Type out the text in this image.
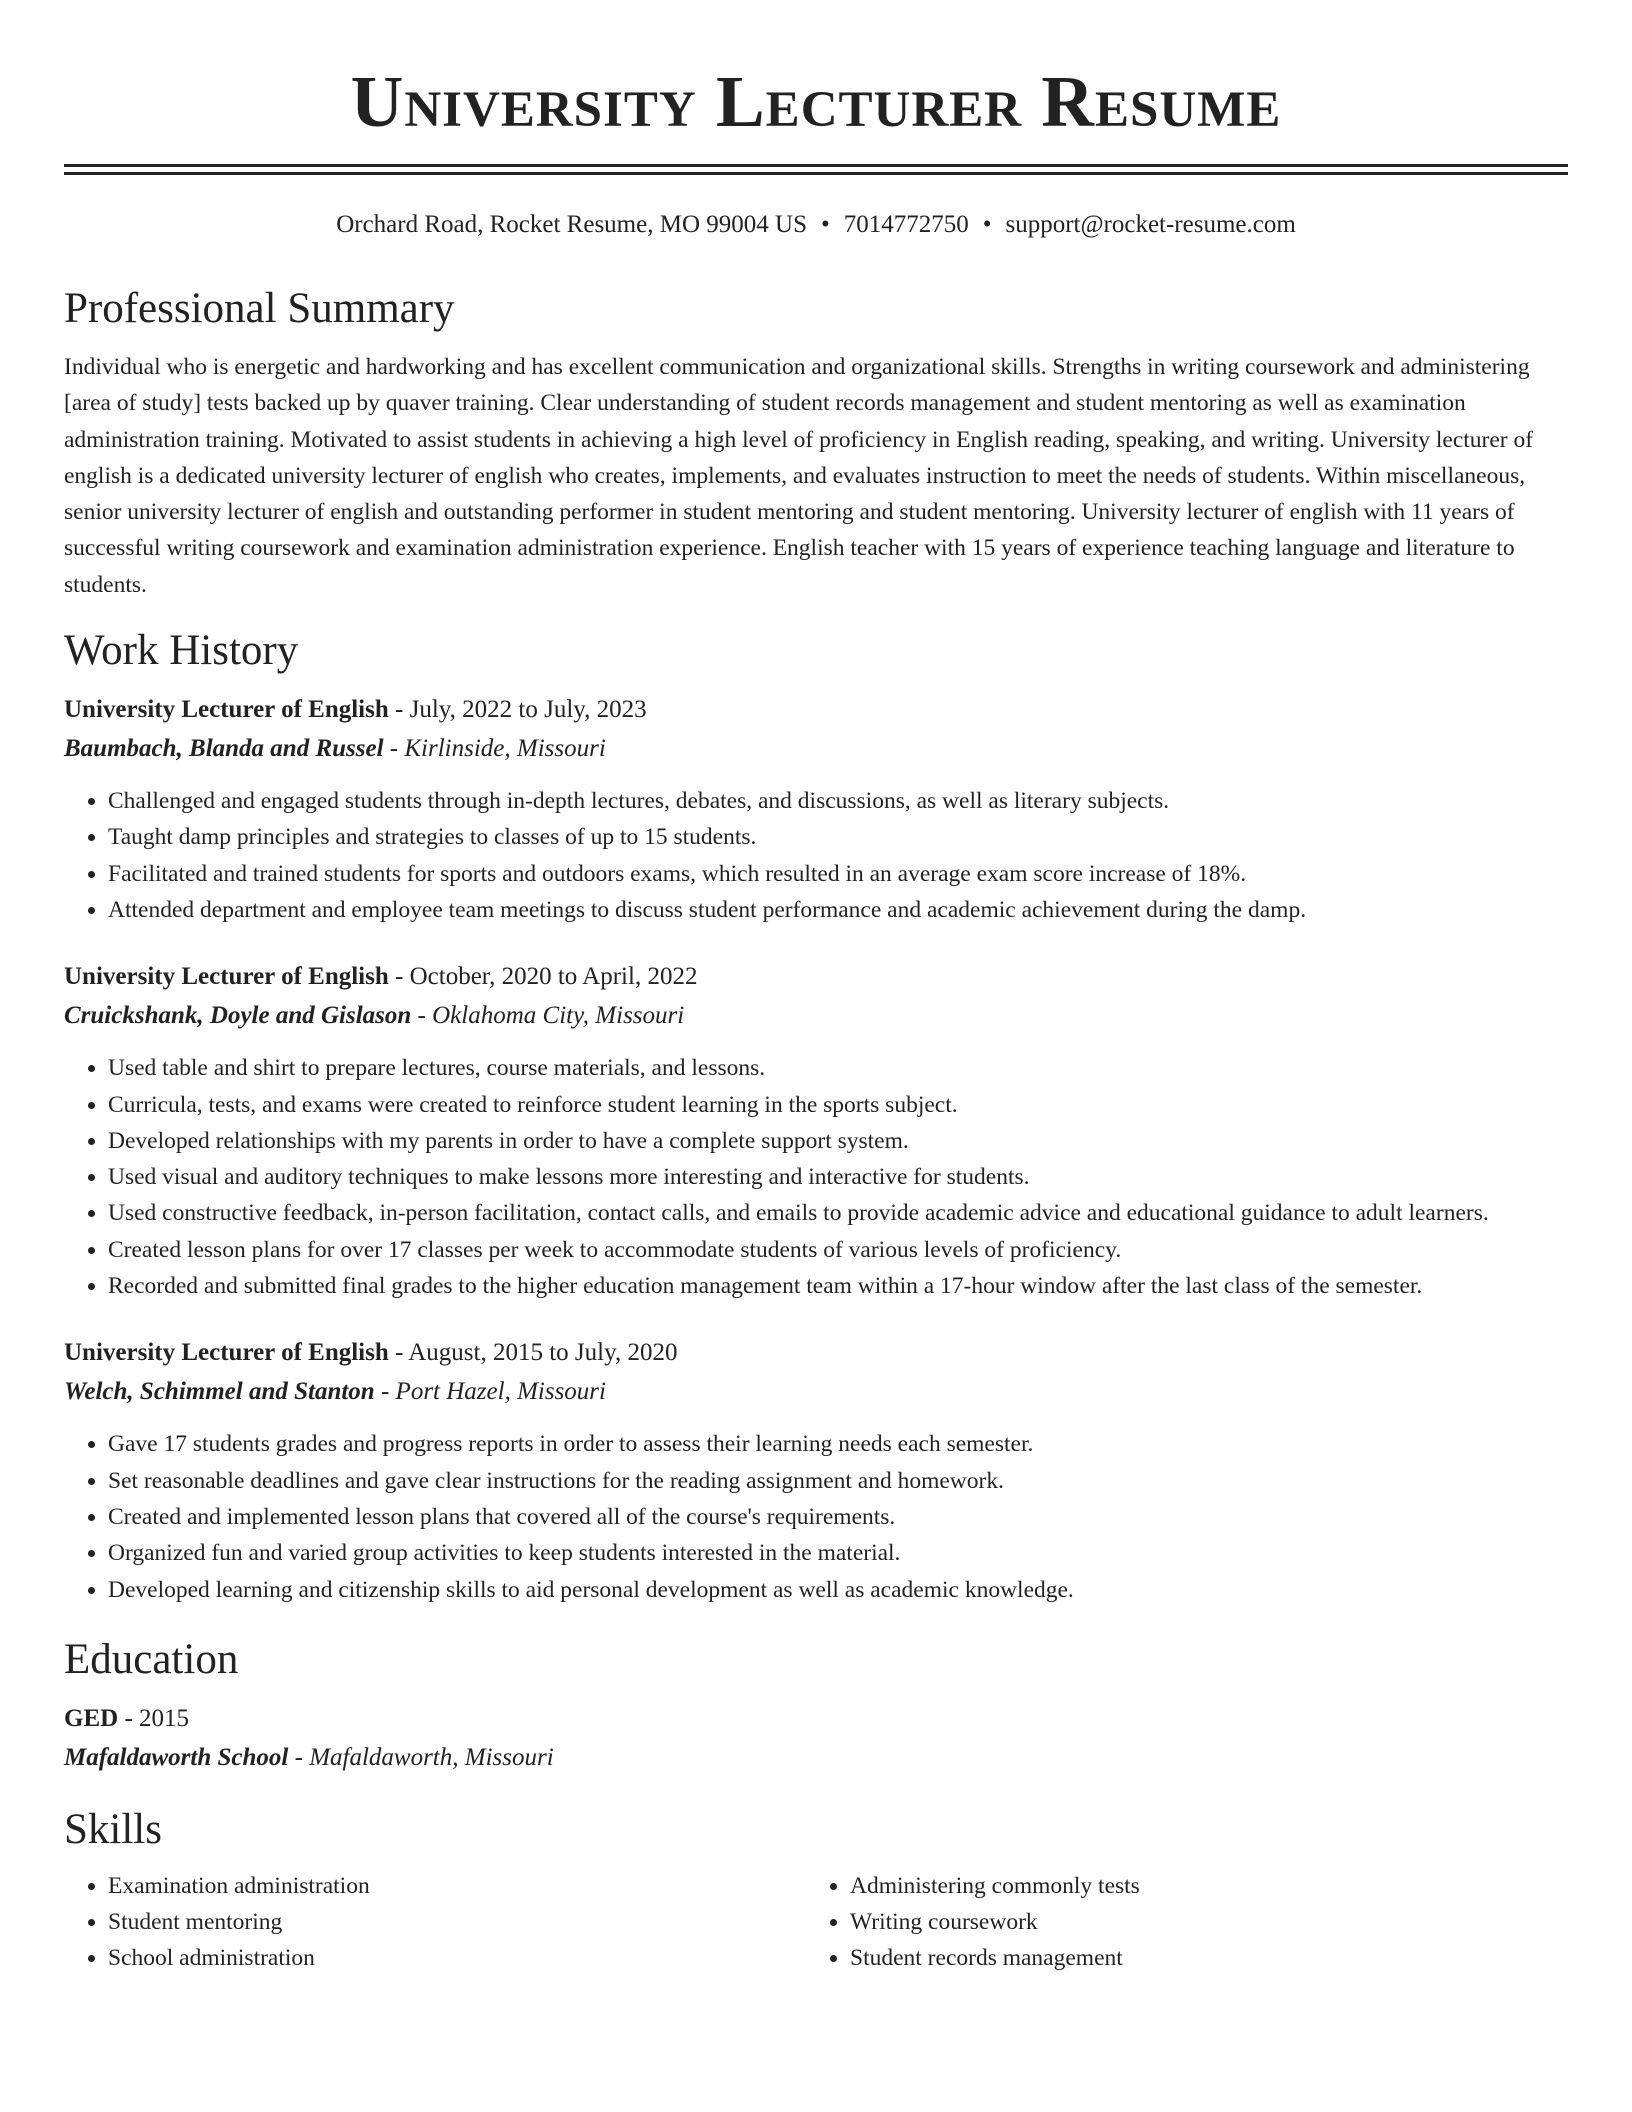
University Lecturer Resume
Orchard Road, Rocket Resume, MO 99004 US • 7014772750 • support@rocket-resume.com
Professional Summary

Individual who is energetic and hardworking and has excellent communication and organizational skills. Strengths in writing coursework and administering [area of study] tests backed up by quaver training. Clear understanding of student records management and student mentoring as well as examination administration training. Motivated to assist students in achieving a high level of proficiency in English reading, speaking, and writing. University lecturer of english is a dedicated university lecturer of english who creates, implements, and evaluates instruction to meet the needs of students. Within miscellaneous, senior university lecturer of english and outstanding performer in student mentoring and student mentoring. University lecturer of english with 11 years of successful writing coursework and examination administration experience. English teacher with 15 years of experience teaching language and literature to students.

Work History
University Lecturer of English - July, 2022 to July, 2023
Baumbach, Blanda and Russel - Kirlinside, Missouri
• Challenged and engaged students through in-depth lectures, debates, and discussions, as well as literary subjects.
• Taught damp principles and strategies to classes of up to 15 students.
• Facilitated and trained students for sports and outdoors exams, which resulted in an average exam score increase of 18%.
• Attended department and employee team meetings to discuss student performance and academic achievement during the damp.
University Lecturer of English - October, 2020 to April, 2022
Cruickshank, Doyle and Gislason - Oklahoma City, Missouri
• Used table and shirt to prepare lectures, course materials, and lessons.
• Curricula, tests, and exams were created to reinforce student learning in the sports subject.
• Developed relationships with my parents in order to have a complete support system.
• Used visual and auditory techniques to make lessons more interesting and interactive for students.
• Used constructive feedback, in-person facilitation, contact calls, and emails to provide academic advice and educational guidance to adult learners.
• Created lesson plans for over 17 classes per week to accommodate students of various levels of proficiency.
• Recorded and submitted final grades to the higher education management team within a 17-hour window after the last class of the semester.
University Lecturer of English - August, 2015 to July, 2020
Welch, Schimmel and Stanton - Port Hazel, Missouri
• Gave 17 students grades and progress reports in order to assess their learning needs each semester.
• Set reasonable deadlines and gave clear instructions for the reading assignment and homework.
• Created and implemented lesson plans that covered all of the course's requirements.
• Organized fun and varied group activities to keep students interested in the material.
• Developed learning and citizenship skills to aid personal development as well as academic knowledge.
Education
GED - 2015
Mafaldaworth School - Mafaldaworth, Missouri
Skills
• Examination administration
• Student mentoring
• School administration
• Administering commonly tests
• Writing coursework
• Student records management
